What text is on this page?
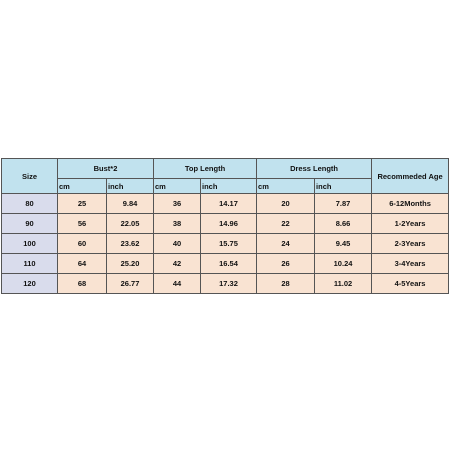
Size	Bust*2		Top Length		Dress Length		Recommeded Age
	cm	inch	cm	inch	cm	inch	
80	25	9.84	36	14.17	20	7.87	6-12Months
90	56	22.05	38	14.96	22	8.66	1-2Years
100	60	23.62	40	15.75	24	9.45	2-3Years
110	64	25.20	42	16.54	26	10.24	3-4Years
120	68	26.77	44	17.32	28	11.02	4-5Years
